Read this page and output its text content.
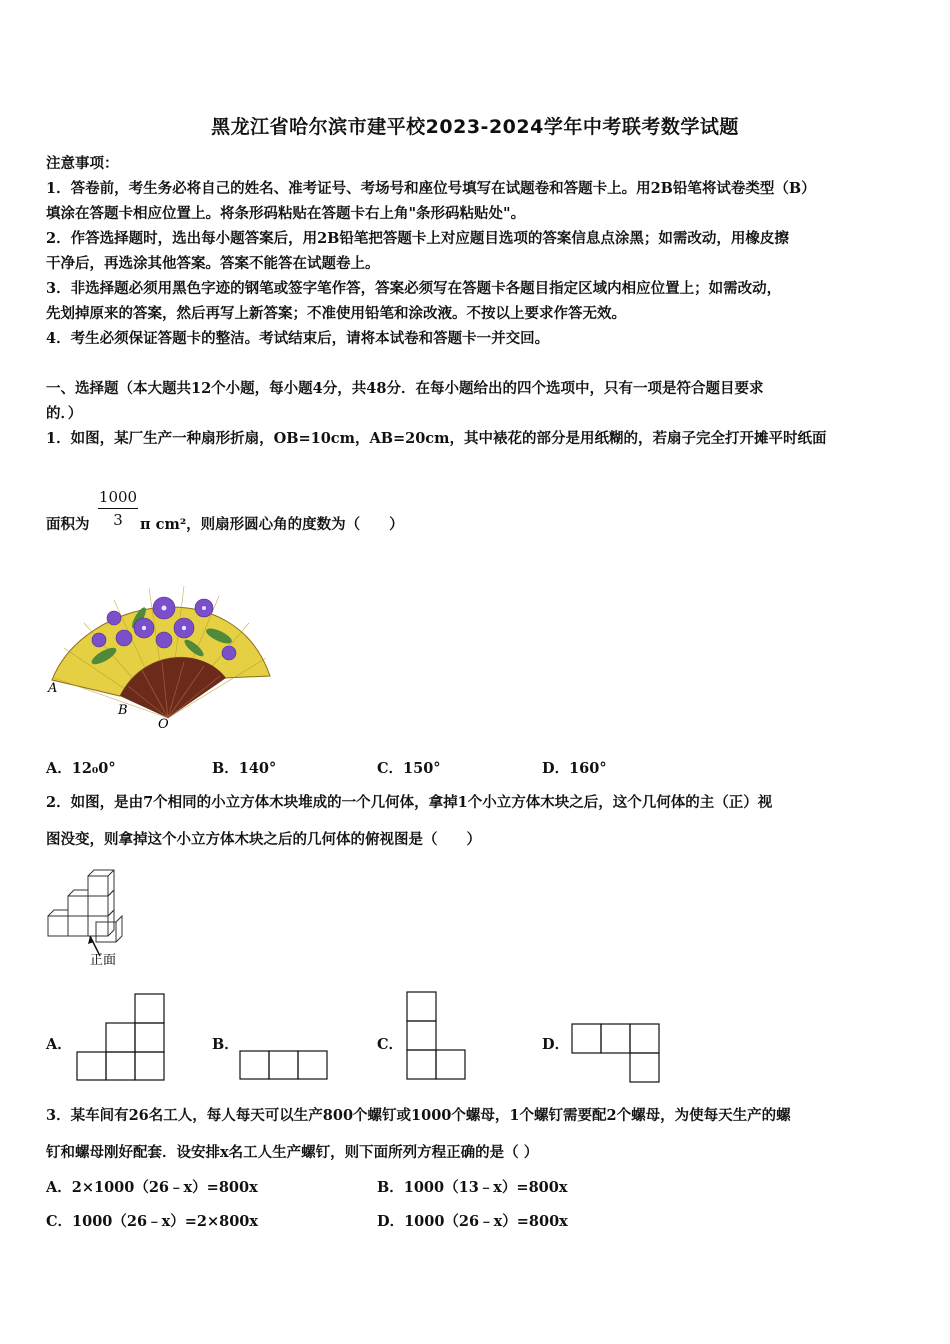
黑龙江省哈尔滨市建平校2023-2024学年中考联考数学试题
注意事项：
1．答卷前，考生务必将自己的姓名、准考证号、考场号和座位号填写在试题卷和答题卡上。用2B铅笔将试卷类型（B）
填涂在答题卡相应位置上。将条形码粘贴在答题卡右上角"条形码粘贴处"。
2．作答选择题时，选出每小题答案后，用2B铅笔把答题卡上对应题目选项的答案信息点涂黑；如需改动，用橡皮擦
干净后，再选涂其他答案。答案不能答在试题卷上。
3．非选择题必须用黑色字迹的钢笔或签字笔作答，答案必须写在答题卡各题目指定区域内相应位置上；如需改动，
先划掉原来的答案，然后再写上新答案；不准使用铅笔和涂改液。不按以上要求作答无效。
4．考生必须保证答题卡的整洁。考试结束后，请将本试卷和答题卡一并交回。
一、选择题（本大题共12个小题，每小题4分，共48分．在每小题给出的四个选项中，只有一项是符合题目要求
的．）
1．如图，某厂生产一种扇形折扇，OB=10cm，AB=20cm，其中裱花的部分是用纸糊的，若扇子完全打开摊平时纸面
$\frac{1000}{3}$
面积为	π cm²，则扇形圆心角的度数为（　　）
A
B
O
A．12₀0°	B．140°	C．150°	D．160°
2．如图，是由7个相同的小立方体木块堆成的一个几何体，拿掉1个小立方体木块之后，这个几何体的主（正）视
图没变，则拿掉这个小立方体木块之后的几何体的俯视图是（　　）
正面
A．	B．	C．	D．
3．某车间有26名工人，每人每天可以生产800个螺钉或1000个螺母，1个螺钉需要配2个螺母，为使每天生产的螺
钉和螺母刚好配套．设安排x名工人生产螺钉，则下面所列方程正确的是（ ）
A．2×1000（26﹣x）=800x	B．1000（13﹣x）=800x
C．1000（26﹣x）=2×800x	D．1000（26﹣x）=800x
